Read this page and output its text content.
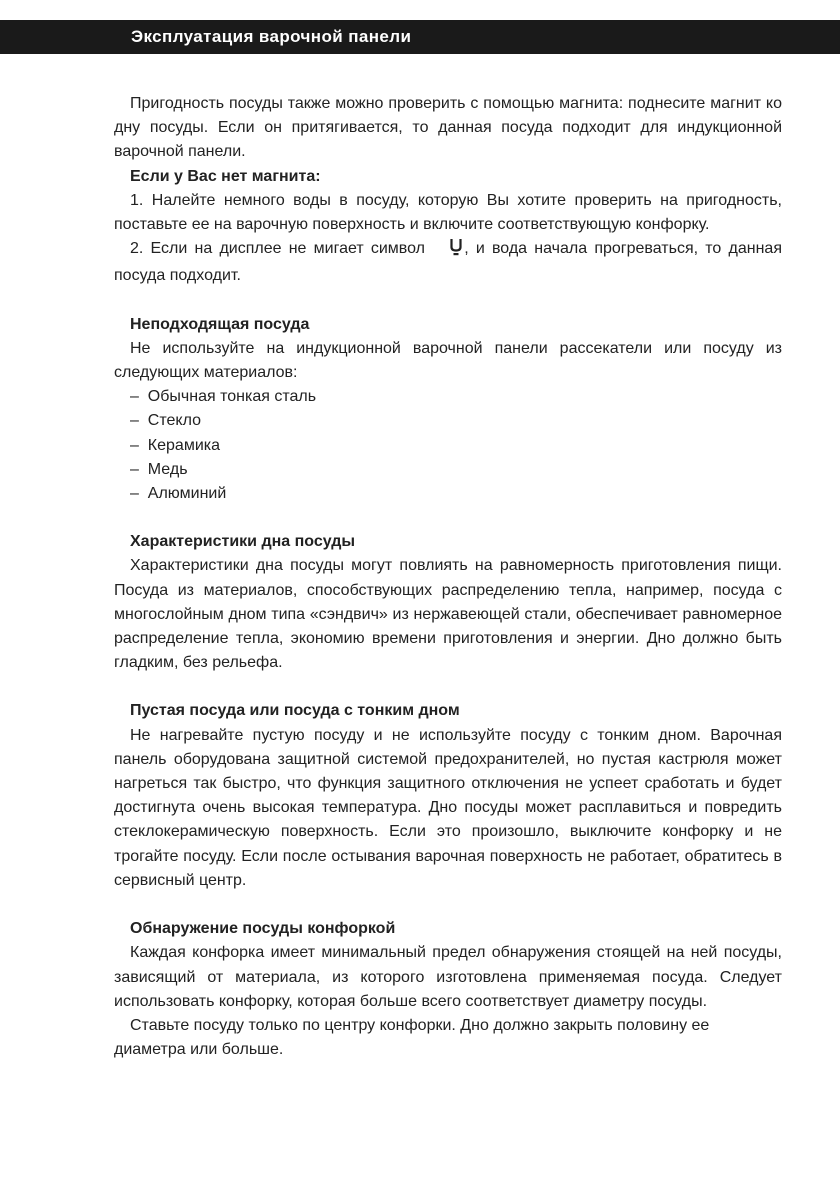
Эксплуатация варочной панели

Пригодность посуды также можно проверить с помощью магнита: поднесите магнит ко дну посуды. Если он притягивается, то данная посуда подходит для индукционной варочной панели.

Если у Вас нет магнита:

1. Налейте немного воды в посуду, которую Вы хотите проверить на пригодность, поставьте ее на варочную поверхность и включите соответствующую конфорку.

2. Если на дисплее не мигает символ , и вода начала прогреваться, то данная посуда подходит.

Неподходящая посуда

Не используйте на индукционной варочной панели рассекатели или посуду из следующих материалов:

–  Обычная тонкая сталь
–  Стекло
–  Керамика
–  Медь
–  Алюминий
Характеристики дна посуды

Характеристики дна посуды могут повлиять на равномерность приготовления пищи. Посуда из материалов, способствующих распределению тепла, например, посуда с многослойным дном типа «сэндвич» из нержавеющей стали, обеспечивает равномерное распределение тепла, экономию времени приготовления и энергии. Дно должно быть гладким, без рельефа.

Пустая посуда или посуда с тонким дном

Не нагревайте пустую посуду и не используйте посуду с тонким дном. Варочная панель оборудована защитной системой предохранителей, но пустая кастрюля может нагреться так быстро, что функция защитного отключения не успеет сработать и будет достигнута очень высокая температура. Дно посуды может расплавиться и повредить стеклокерамическую поверхность. Если это произошло, выключите конфорку и не трогайте посуду. Если после остывания варочная поверхность не работает, обратитесь в сервисный центр.

Обнаружение посуды конфоркой

Каждая конфорка имеет минимальный предел обнаружения стоящей на ней посуды, зависящий от материала, из которого изготовлена применяемая посуда. Следует использовать конфорку, которая больше всего соответствует диаметру посуды.

Ставьте посуду только по центру конфорки. Дно должно закрыть половину ее диаметра или больше.
